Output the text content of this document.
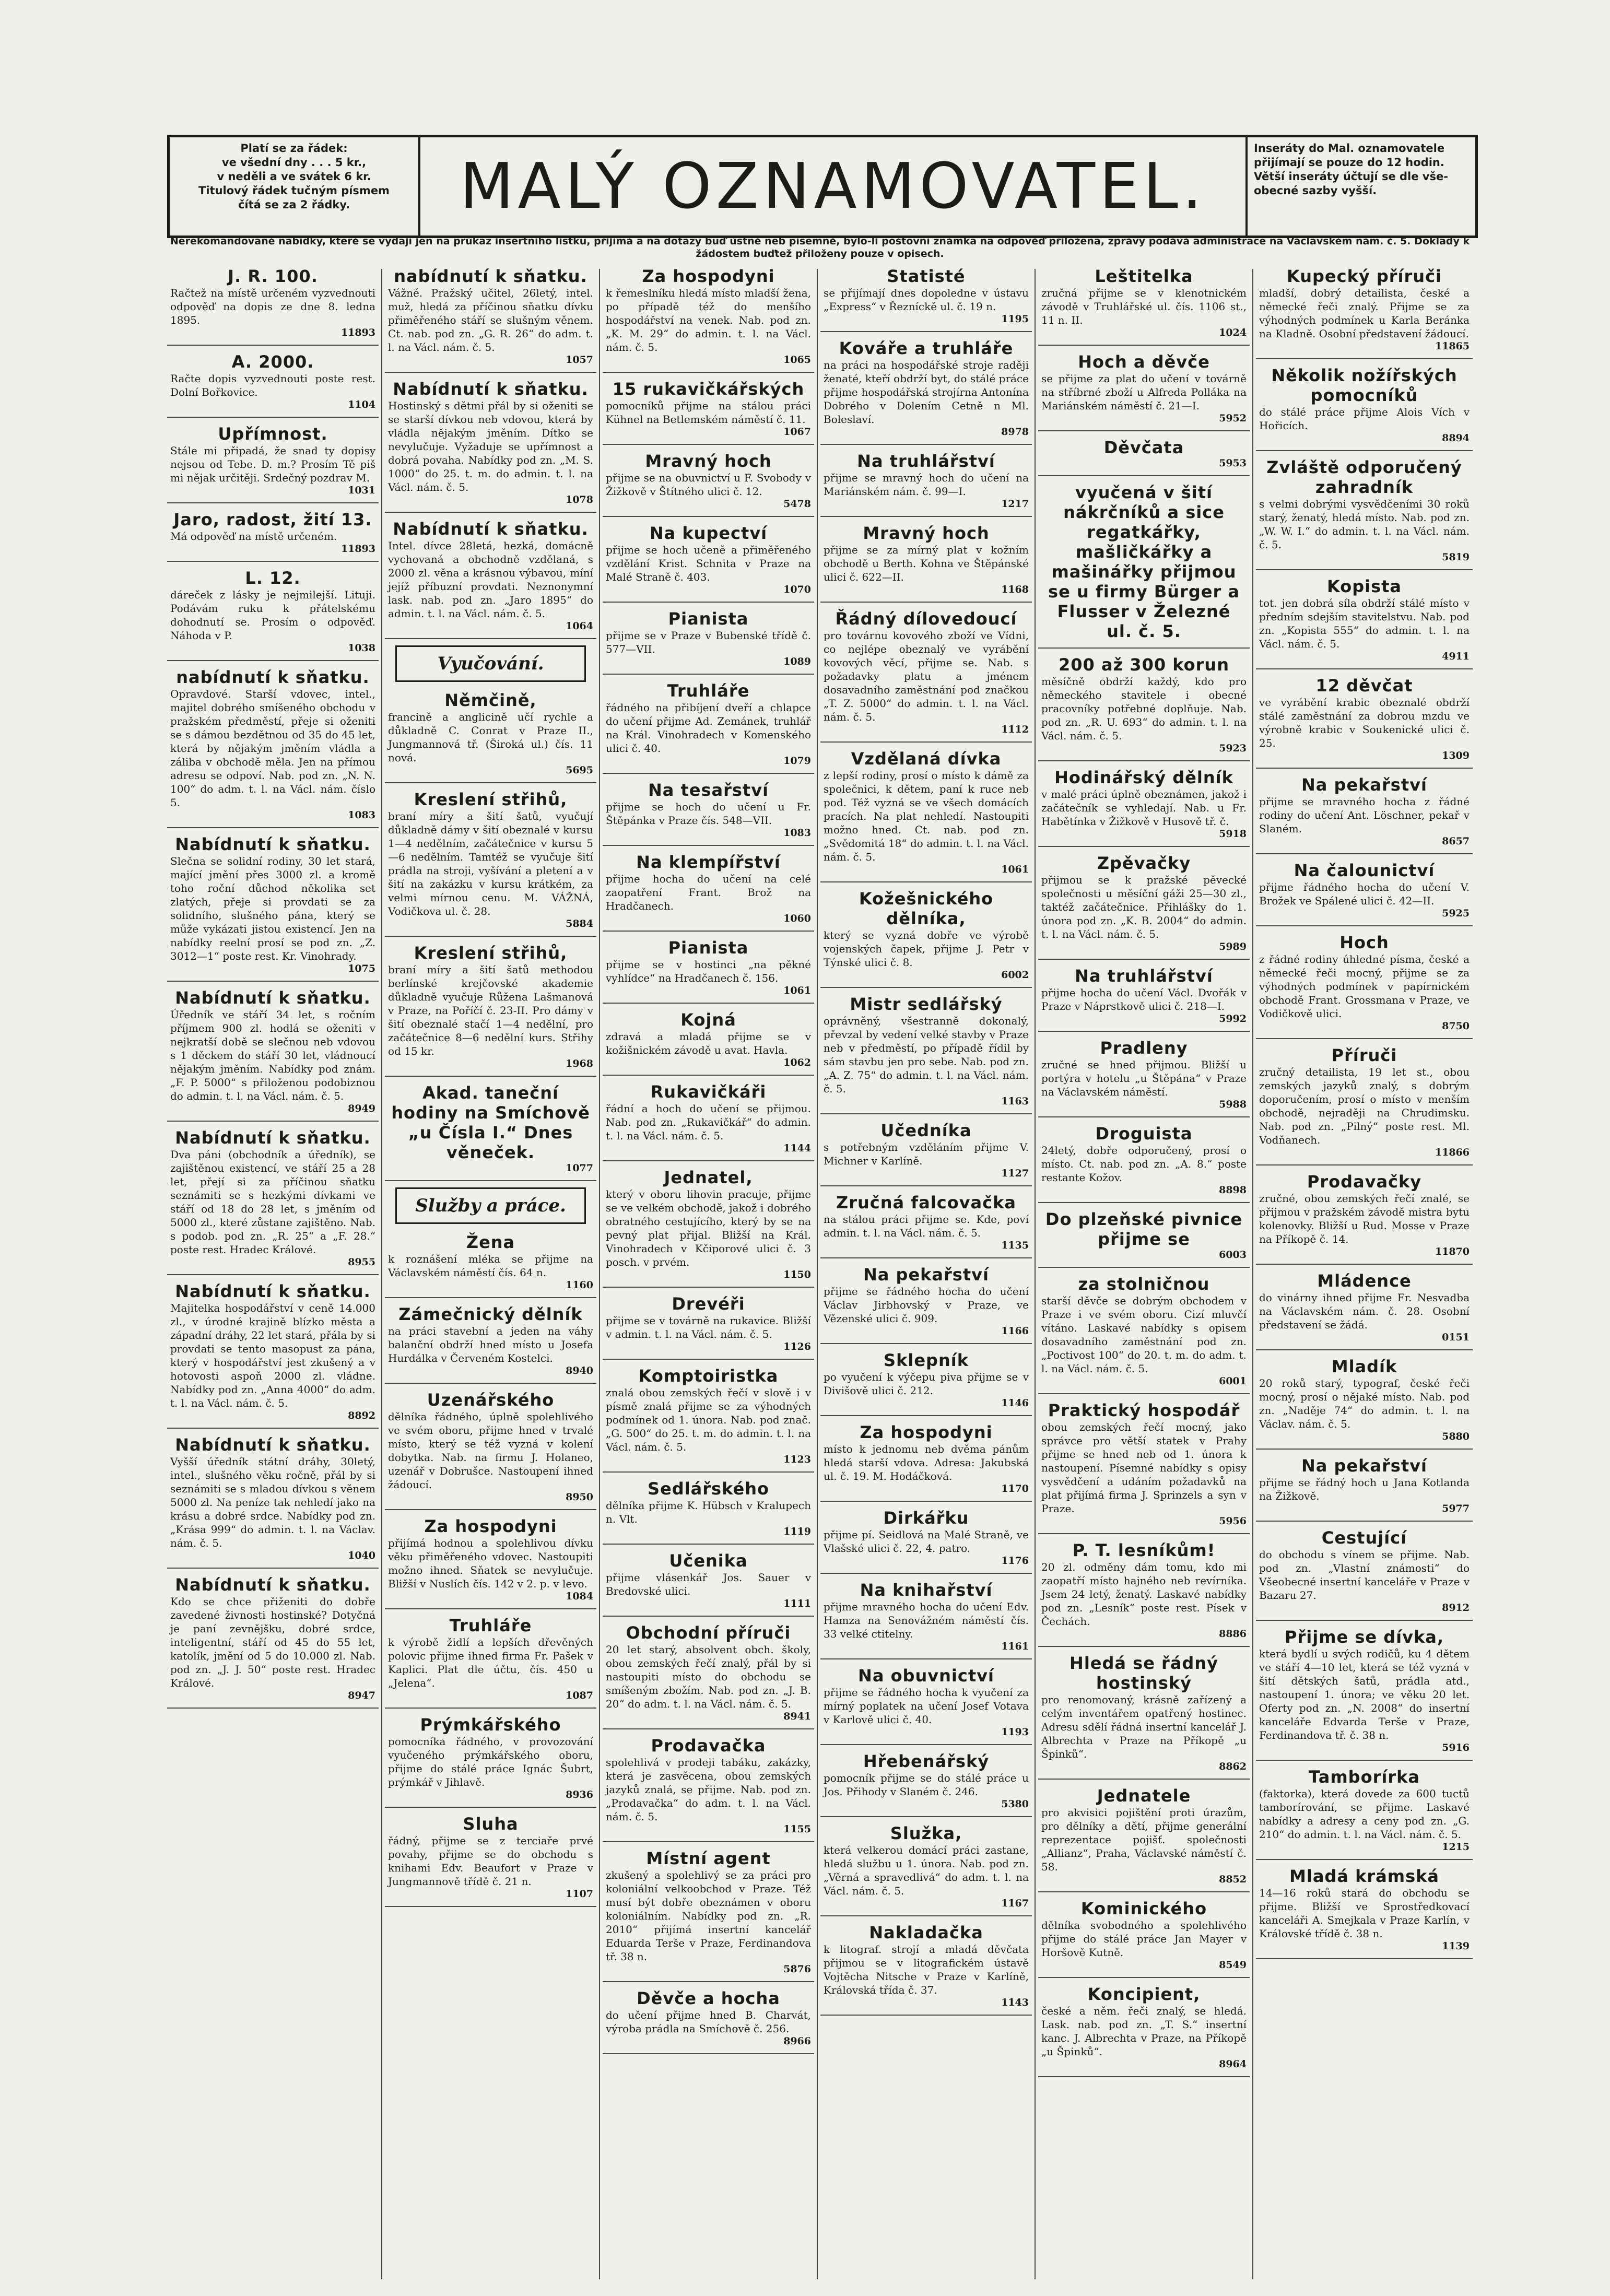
Platí se za řádek:
ve všední dny . . . 5 kr.,
v neděli a ve svátek 6 kr.
Titulový řádek tučným písmem
čítá se za 2 řádky.	MALÝ OZNAMOVATEL.
Inseráty do Mal. oznamovatele
přijímají se pouze do 12 hodin.
Větší inseráty účtují se dle vše-
obecné sazby vyšší.
Nerekomandované nabídky, které se vydají jen na průkaz insertního lístku, přijímá a na dotazy buď ústně neb písemně, bylo-li poštovní známka na odpověď přiložena, zprávy podává administrace na Václavském nám. č. 5. Doklady k žádostem buďtež přiloženy pouze v opisech.
J. R. 100.
Račtež na místě určeném vyzvednouti odpověď na dopis ze dne 8. ledna 1895.
11893
A. 2000.
Račte dopis vyzvednouti poste rest. Dolní Bořkovice.
1104
Upřímnost.
Stále mi připadá, že snad ty dopisy nejsou od Tebe. D. m.? Prosím Tě piš mi nějak určitěji. Srdečný pozdrav M.
1031
Jaro, radost, žití 13.
Má odpověď na místě určeném.
11893
L. 12.
dáreček z lásky je nejmilejší. Lituji. Podávám ruku k přátelskému dohodnutí se. Prosím o odpověď. Náhoda v P.
1038
nabídnutí k sňatku.
Opravdové. Starší vdovec, intel., majitel dobrého smíšeného obchodu v pražském předměstí, přeje si oženiti se s dámou bezdětnou od 35 do 45 let, která by nějakým jměním vládla a záliba v obchodě měla. Jen na přímou adresu se odpoví. Nab. pod zn. „N. N. 100“ do adm. t. l. na Václ. nám. číslo 5.
1083
Nabídnutí k sňatku.
Slečna se solidní rodiny, 30 let stará, mající jmění přes 3000 zl. a kromě toho roční důchod několika set zlatých, přeje si provdati se za solidního, slušného pána, který se může vykázati jistou existencí. Jen na nabídky reelní prosí se pod zn. „Z. 3012—1“ poste rest. Kr. Vinohrady.
1075
Nabídnutí k sňatku.
Úředník ve stáří 34 let, s ročním příjmem 900 zl. hodlá se oženiti v nejkratší době se slečnou neb vdovou s 1 děckem do stáří 30 let, vládnoucí nějakým jměním. Nabídky pod znám. „F. P. 5000“ s přiloženou podobiznou do admin. t. l. na Václ. nám. č. 5.
8949
Nabídnutí k sňatku.
Dva páni (obchodník a úředník), se zajištěnou existencí, ve stáří 25 a 28 let, přejí si za příčinou sňatku seznámiti se s hezkými dívkami ve stáří od 18 do 28 let, s jměním od 5000 zl., které zůstane zajištěno. Nab. s podob. pod zn. „R. 25“ a „F. 28.“ poste rest. Hradec Králové.
8955
Nabídnutí k sňatku.
Majitelka hospodářství v ceně 14.000 zl., v úrodné krajině blízko města a západní dráhy, 22 let stará, přála by si provdati se tento masopust za pána, který v hospodářství jest zkušený a v hotovosti aspoň 2000 zl. vládne. Nabídky pod zn. „Anna 4000“ do adm. t. l. na Václ. nám. č. 5.
8892
Nabídnutí k sňatku.
Vyšší úředník státní dráhy, 30letý, intel., slušného věku ročně, přál by si seznámiti se s mladou dívkou s věnem 5000 zl. Na peníze tak nehledí jako na krásu a dobré srdce. Nabídky pod zn. „Krása 999“ do admin. t. l. na Václav. nám. č. 5.
1040
Nabídnutí k sňatku.
Kdo se chce přiženiti do dobře zavedené živnosti hostinské? Dotyčná je paní zevnějšku, dobré srdce, inteligentní, stáří od 45 do 55 let, katolík, jmění od 5 do 10.000 zl. Nab. pod zn. „J. J. 50“ poste rest. Hradec Králové.
8947
nabídnutí k sňatku.
Vážné. Pražský učitel, 26letý, intel. muž, hledá za příčinou sňatku dívku přiměřeného stáří se slušným věnem. Ct. nab. pod zn. „G. R. 26“ do adm. t. l. na Václ. nám. č. 5.
1057
Nabídnutí k sňatku.
Hostinský s dětmi přál by si oženiti se se starší dívkou neb vdovou, která by vládla nějakým jměním. Dítko se nevylučuje. Vyžaduje se upřímnost a dobrá povaha. Nabídky pod zn. „M. S. 1000“ do 25. t. m. do admin. t. l. na Václ. nám. č. 5.
1078
Nabídnutí k sňatku.
Intel. dívce 28letá, hezká, domácně vychovaná a obchodně vzdělaná, s 2000 zl. věna a krásnou výbavou, míní jejíž příbuzní provdati. Neznonymní lask. nab. pod zn. „Jaro 1895“ do admin. t. l. na Václ. nám. č. 5.
1064
Vyučování.
Němčině,
francině a anglicině učí rychle a důkladně C. Conrat v Praze II., Jungmannová tř. (Široká ul.) čís. 11 nová.
5695
Kreslení střihů,
braní míry a šití šatů, vyučují důkladně dámy v šití obeznalé v kursu 1—4 nedělním, začátečnice v kursu 5—6 nedělním. Tamtéž se vyučuje šití prádla na stroji, vyšívání a pletení a v šití na zakázku v kursu krátkém, za velmi mírnou cenu. M. VÁŽNÁ, Vodičkova ul. č. 28.
5884
Kreslení střihů,
braní míry a šití šatů methodou berlínské krejčovské akademie důkladně vyučuje Růžena Lašmanová v Praze, na Poříčí č. 23-II. Pro dámy v šití obeznalé stačí 1—4 nedělní, pro začátečnice 8—6 nedělní kurs. Střihy od 15 kr.
1968
Akad. taneční hodiny na Smíchově „u Čísla I.“ Dnes věneček.
1077
Služby a práce.
Žena
k roznášení mléka se přijme na Václavském náměstí čís. 64 n.
1160
Zámečnický dělník
na práci stavební a jeden na váhy balanční obdrží hned místo u Josefa Hurdálka v Červeném Kostelci.
8940
Uzenářského
dělníka řádného, úplně spolehlivého ve svém oboru, přijme hned v trvalé místo, který se též vyzná v kolení dobytka. Nab. na firmu J. Holaneo, uzenář v Dobrušce. Nastoupení ihned žádoucí.
8950
Za hospodyni
přijímá hodnou a spolehlivou dívku věku přiměřeného vdovec. Nastoupiti možno ihned. Sňatek se nevylučuje. Bližší v Nuslích čís. 142 v 2. p. v levo.
1084
Truhláře
k výrobě židlí a lepších dřevěných polovic přijme ihned firma Fr. Pašek v Kaplici. Plat dle účtu, čís. 450 u „Jelena“.
1087
Prýmkářského
pomocníka řádného, v provozování vyučeného prýmkářského oboru, přijme do stálé práce Ignác Šubrt, prýmkář v Jihlavě.
8936
Sluha
řádný, přijme se z terciaře prvé povahy, přijme se do obchodu s knihami Edv. Beaufort v Praze v Jungmannově třídě č. 21 n.
1107
Za hospodyni
k řemeslníku hledá místo mladší žena, po případě též do menšího hospodářství na venek. Nab. pod zn. „K. M. 29“ do admin. t. l. na Václ. nám. č. 5.
1065
15 rukavičkářských
pomocníků přijme na stálou práci Kühnel na Betlemském náměstí č. 11.
1067
Mravný hoch
přijme se na obuvnictví u F. Svobody v Žižkově v Štítného ulici č. 12.
5478
Na kupectví
přijme se hoch učeně a přiměřeného vzdělání Krist. Schnita v Praze na Malé Straně č. 403.
1070
Pianista
přijme se v Praze v Bubenské třídě č. 577—VII.
1089
Truhláře
řádného na přibíjení dveří a chlapce do učení přijme Ad. Zemánek, truhlář na Král. Vinohradech v Komenského ulici č. 40.
1079
Na tesařství
přijme se hoch do učení u Fr. Štěpánka v Praze čís. 548—VII.
1083
Na klempířství
přijme hocha do učení na celé zaopatření Frant. Brož na Hradčanech.
1060
Pianista
přijme se v hostinci „na pěkné vyhlídce“ na Hradčanech č. 156.
1061
Kojná
zdravá a mladá přijme se v kožišnickém závodě u avat. Havla.
1062
Rukavičkáři
řádní a hoch do učení se přijmou. Nab. pod zn. „Rukavičkář“ do admin. t. l. na Václ. nám. č. 5.
1144
Jednatel,
který v oboru lihovin pracuje, přijme se ve velkém obchodě, jakož i dobrého obratného cestujícího, který by se na pevný plat přijal. Bližší na Král. Vinohradech v Kčiporové ulici č. 3 posch. v prvém.
1150
Drevéři
přijme se v továrně na rukavice. Bližší v admin. t. l. na Václ. nám. č. 5.
1126
Komptoiristka
znalá obou zemských řečí v slově i v písmě znalá přijme se za výhodných podmínek od 1. února. Nab. pod znač. „G. 500“ do 25. t. m. do admin. t. l. na Václ. nám. č. 5.
1123
Sedlářského
dělníka přijme K. Hübsch v Kralupech n. Vlt.
1119
Učenika
přijme vlásenkář Jos. Sauer v Bredovské ulici.
1111
Obchodní příruči
20 let starý, absolvent obch. školy, obou zemských řečí znalý, přál by si nastoupiti místo do obchodu se smíšeným zbožím. Nab. pod zn. „J. B. 20“ do adm. t. l. na Václ. nám. č. 5.
8941
Prodavačka
spolehlivá v prodeji tabáku, zakázky, která je zasvěcena, obou zemských jazyků znalá, se přijme. Nab. pod zn. „Prodavačka“ do adm. t. l. na Václ. nám. č. 5.
1155
Místní agent
zkušený a spolehlivý se za práci pro koloniální velkoobchod v Praze. Též musí být dobře obeznámen v oboru koloniálním. Nabídky pod zn. „R. 2010“ přijímá insertní kancelář Eduarda Terše v Praze, Ferdinandova tř. 38 n.
5876
Děvče a hocha
do učení přijme hned B. Charvát, výroba prádla na Smíchově č. 256.
8966
Statisté
se přijímají dnes dopoledne v ústavu „Express“ v Řezníckě ul. č. 19 n.
1195
Kováře a truhláře
na práci na hospodářské stroje raději ženaté, kteří obdrží byt, do stálé práce přijme hospodářská strojírna Antonína Dobrého v Dolením Cetně n Ml. Boleslaví.
8978
Na truhlářství
přijme se mravný hoch do učení na Mariánském nám. č. 99—I.
1217
Mravný hoch
přijme se za mírný plat v kožním obchodě u Berth. Kohna ve Štěpánské ulici č. 622—II.
1168
Řádný dílovedoucí
pro továrnu kovového zboží ve Vídni, co nejlépe obeznalý ve vyrábění kovových věcí, přijme se. Nab. s požadavky platu a jménem dosavadního zaměstnání pod značkou „T. Z. 5000“ do admin. t. l. na Václ. nám. č. 5.
1112
Vzdělaná dívka
z lepší rodiny, prosí o místo k dámě za společnici, k dětem, paní k ruce neb pod. Též vyzná se ve všech domácích pracích. Na plat nehledí. Nastoupiti možno hned. Ct. nab. pod zn. „Svědomitá 18“ do admin. t. l. na Václ. nám. č. 5.
1061
Kožešnického dělníka,
který se vyzná dobře ve výrobě vojenských čapek, přijme J. Petr v Týnské ulici č. 8.
6002
Mistr sedlářský
oprávněný, všestranně dokonalý, převzal by vedení velké stavby v Praze neb v předměstí, po případě řídil by sám stavbu jen pro sebe. Nab. pod zn. „A. Z. 75“ do admin. t. l. na Václ. nám. č. 5.
1163
Učedníka
s potřebným vzděláním přijme V. Michner v Karlíně.
1127
Zručná falcovačka
na stálou práci přijme se. Kde, poví admin. t. l. na Václ. nám. č. 5.
1135
Na pekařství
přijme se řádného hocha do učení Václav Jirbhovský v Praze, ve Vězenské ulici č. 909.
1166
Sklepník
po vyučení k výčepu piva přijme se v Divišově ulici č. 212.
1146
Za hospodyni
místo k jednomu neb dvěma pánům hledá starší vdova. Adresa: Jakubská ul. č. 19. M. Hodáčková.
1170
Dirkářku
přijme pí. Seidlová na Malé Straně, ve Vlašské ulici č. 22, 4. patro.
1176
Na knihařství
přijme mravného hocha do učení Edv. Hamza na Senovážném náměstí čís. 33 velké ctitelny.
1161
Na obuvnictví
přijme se řádného hocha k vyučení za mírný poplatek na učení Josef Votava v Karlově ulici č. 40.
1193
Hřebenářský
pomocník přijme se do stálé práce u Jos. Přihody v Slaném č. 246.
5380
Služka,
která velkerou domácí práci zastane, hledá službu u 1. února. Nab. pod zn. „Věrná a spravedlivá“ do adm. t. l. na Václ. nám. č. 5.
1167
Nakladačka
k litograf. strojí a mladá děvčata přijmou se v litografickém ústavě Vojtěcha Nitsche v Praze v Karlíně, Královská třída č. 37.
1143
Leštitelka
zručná přijme se v klenotnickém závodě v Truhlářské ul. čís. 1106 st., 11 n. II.
1024
Hoch a děvče
se přijme za plat do učení v továrně na stříbrné zboží u Alfreda Polláka na Mariánském náměstí č. 21—I.
5952
Děvčata
5953
vyučená v šití nákrčníků a sice regatkářky, mašličkářky a mašinářky přijmou se u firmy Bürger a Flusser v Železné ul. č. 5.
200 až 300 korun
měsíčně obdrží každý, kdo pro německého stavitele i obecné pracovníky potřebné doplňuje. Nab. pod zn. „R. U. 693“ do admin. t. l. na Václ. nám. č. 5.
5923
Hodinářský dělník
v malé práci úplně obeznámen, jakož i začátečník se vyhledají. Nab. u Fr. Habětínka v Žižkově v Husově tř. č.
5918
Zpěvačky
přijmou se k pražské pěvecké společnosti u měsíční gáži 25—30 zl., taktéž začátečnice. Přihlášky do 1. února pod zn. „K. B. 2004“ do admin. t. l. na Václ. nám. č. 5.
5989
Na truhlářství
přijme hocha do učení Václ. Dvořák v Praze v Náprstkově ulici č. 218—I.
5992
Pradleny
zručné se hned přijmou. Bližší u portýra v hotelu „u Štěpána“ v Praze na Václavském náměstí.
5988
Droguista
24letý, dobře odporučený, prosí o místo. Ct. nab. pod zn. „A. 8.“ poste restante Kožov.
8898
Do plzeňské pivnice přijme se
6003
za stolničnou
starší děvče se dobrým obchodem v Praze i ve svém oboru. Cizí mluvčí vítáno. Laskavé nabídky s opisem dosavadního zaměstnání pod zn. „Poctivost 100“ do 20. t. m. do adm. t. l. na Václ. nám. č. 5.
6001
Praktický hospodář
obou zemských řečí mocný, jako správce pro větší statek v Prahy přijme se hned neb od 1. února k nastoupení. Písemné nabídky s opisy vysvědčení a udáním požadavků na plat přijímá firma J. Sprinzels a syn v Praze.
5956
P. T. lesníkům!
20 zl. odměny dám tomu, kdo mi zaopatří místo hajného neb revírníka. Jsem 24 letý, ženatý. Laskavé nabídky pod zn. „Lesník“ poste rest. Písek v Čechách.
8886
Hledá se řádný hostinský
pro renomovaný, krásně zařízený a celým inventářem opatřený hostinec. Adresu sdělí řádná insertní kancelář J. Albrechta v Praze na Příkopě „u Špinků“.
8862
Jednatele
pro akvisici pojištění proti úrazům, pro dělníky a dětí, přijme generální reprezentace pojišť. společnosti „Allianz“, Praha, Václavské náměstí č. 58.
8852
Kominického
dělníka svobodného a spolehlivého přijme do stálé práce Jan Mayer v Horšově Kutně.
8549
Koncipient,
české a něm. řeči znalý, se hledá. Lask. nab. pod zn. „T. S.“ insertní kanc. J. Albrechta v Praze, na Příkopě „u Špinků“.
8964
Kupecký příruči
mladší, dobrý detailista, české a německé řeči znalý. Přijme se za výhodných podmínek u Karla Beránka na Kladně. Osobní představení žádoucí.
11865
Několik nožířských pomocníků
do stálé práce přijme Alois Vích v Hořicích.
8894
Zvláště odporučený zahradník
s velmi dobrými vysvědčeními 30 roků starý, ženatý, hledá místo. Nab. pod zn. „W. W. I.“ do admin. t. l. na Václ. nám. č. 5.
5819
Kopista
tot. jen dobrá síla obdrží stálé místo v předním sdejším stavitelstvu. Nab. pod zn. „Kopista 555“ do admin. t. l. na Václ. nám. č. 5.
4911
12 děvčat
ve vyrábění krabic obeznalé obdrží stálé zaměstnání za dobrou mzdu ve výrobně krabic v Soukenické ulici č. 25.
1309
Na pekařství
přijme se mravného hocha z řádné rodiny do učení Ant. Löschner, pekař v Slaném.
8657
Na čalounictví
přijme řádného hocha do učení V. Brožek ve Spálené ulici č. 42—II.
5925
Hoch
z řádné rodiny úhledné písma, české a německé řeči mocný, přijme se za výhodných podmínek v papírnickém obchodě Frant. Grossmana v Praze, ve Vodičkově ulici.
8750
Příruči
zručný detailista, 19 let st., obou zemských jazyků znalý, s dobrým doporučením, prosí o místo v menším obchodě, nejraději na Chrudimsku. Nab. pod zn. „Pilný“ poste rest. Ml. Vodňanech.
11866
Prodavačky
zručné, obou zemských řečí znalé, se přijmou v pražském závodě mistra bytu kolenovky. Bližší u Rud. Mosse v Praze na Příkopě č. 14.
11870
Mládence
do vinárny ihned přijme Fr. Nesvadba na Václavském nám. č. 28. Osobní představení se žádá.
0151
Mladík
20 roků starý, typograf, české řeči mocný, prosí o nějaké místo. Nab. pod zn. „Naděje 74“ do admin. t. l. na Václav. nám. č. 5.
5880
Na pekařství
přijme se řádný hoch u Jana Kotlanda na Žižkově.
5977
Cestující
do obchodu s vínem se přijme. Nab. pod zn. „Vlastní známosti“ do Všeobecné insertní kanceláře v Praze v Bazaru 27.
8912
Přijme se dívka,
která bydlí u svých rodičů, ku 4 dětem ve stáří 4—10 let, která se též vyzná v šití dětských šatů, prádla atd., nastoupení 1. února; ve věku 20 let. Oferty pod zn. „N. 2008“ do insertní kanceláře Edvarda Terše v Praze, Ferdinandova tř. č. 38 n.
5916
Tamborírka
(faktorka), která dovede za 600 tuctů tamborírování, se přijme. Laskavé nabídky a adresy a ceny pod zn. „G. 210“ do admin. t. l. na Václ. nám. č. 5.
1215
Mladá krámská
14—16 roků stará do obchodu se přijme. Bližší ve Sprostředkovací kanceláři A. Smejkala v Praze Karlín, v Královské třídě č. 38 n.
1139
